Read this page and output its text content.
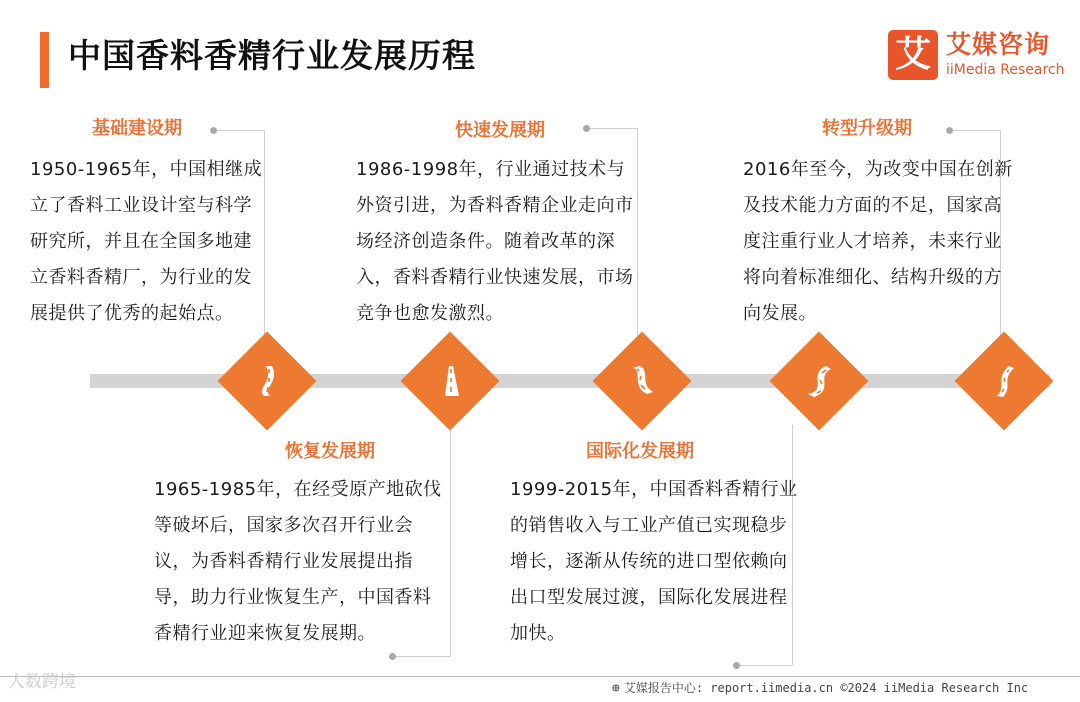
中国香料香精行业发展历程	艾 艾媒咨询
iiMedia Research
基础建设期
1950-1965年，中国相继成立了香料工业设计室与科学研究所，并且在全国多地建立香料香精厂，为行业的发展提供了优秀的起始点。
恢复发展期
1965-1985年，在经受原产地砍伐等破坏后，国家多次召开行业会议，为香料香精行业发展提出指导，助力行业恢复生产，中国香料香精行业迎来恢复发展期。
快速发展期
1986-1998年，行业通过技术与外资引进，为香料香精企业走向市场经济创造条件。随着改革的深入，香料香精行业快速发展，市场竞争也愈发激烈。
国际化发展期
1999-2015年，中国香料香精行业的销售收入与工业产值已实现稳步增长，逐渐从传统的进口型依赖向出口型发展过渡，国际化发展进程加快。
转型升级期
2016年至今，为改变中国在创新及技术能力方面的不足，国家高度注重行业人才培养，未来行业将向着标准细化、结构升级的方向发展。
⊕ 艾媒报告中心: report.iimedia.cn ©2024 iiMedia Research Inc
人数跨境
